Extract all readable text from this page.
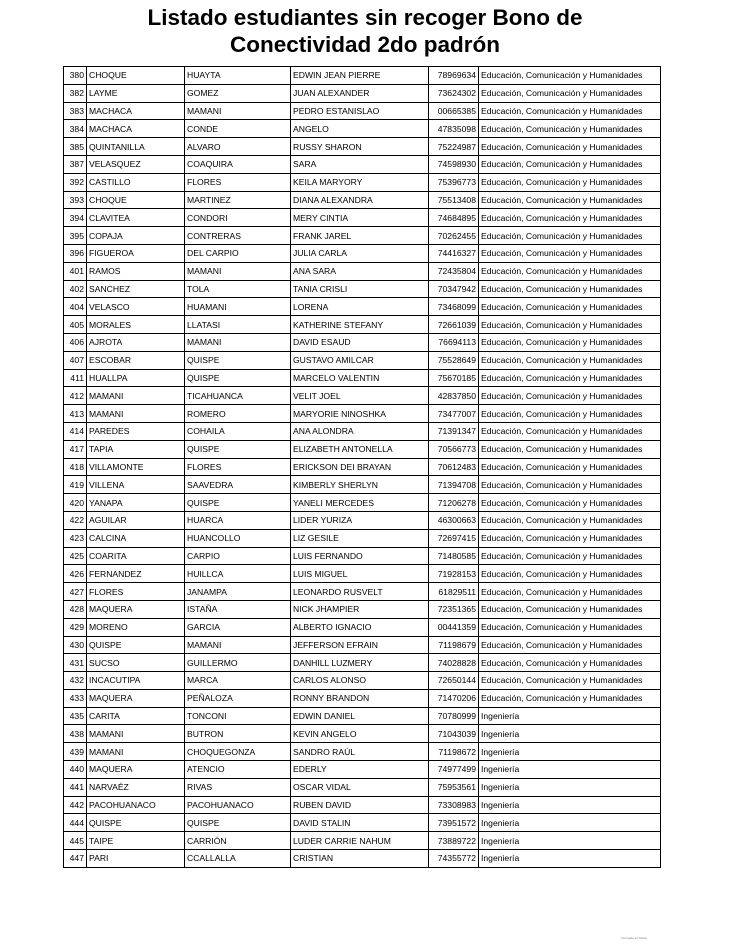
Listado estudiantes sin recoger Bono de
Conectividad 2do padrón
380	CHOQUE	HUAYTA	EDWIN JEAN PIERRE	78969634	Educación, Comunicación y Humanidades
382	LAYME	GOMEZ	JUAN ALEXANDER	73624302	Educación, Comunicación y Humanidades
383	MACHACA	MAMANI	PEDRO ESTANISLAO	00665385	Educación, Comunicación y Humanidades
384	MACHACA	CONDE	ANGELO	47835098	Educación, Comunicación y Humanidades
385	QUINTANILLA	ALVARO	RUSSY SHARON	75224987	Educación, Comunicación y Humanidades
387	VELASQUEZ	COAQUIRA	SARA	74598930	Educación, Comunicación y Humanidades
392	CASTILLO	FLORES	KEILA MARYORY	75396773	Educación, Comunicación y Humanidades
393	CHOQUE	MARTINEZ	DIANA ALEXANDRA	75513408	Educación, Comunicación y Humanidades
394	CLAVITEA	CONDORI	MERY CINTIA	74684895	Educación, Comunicación y Humanidades
395	COPAJA	CONTRERAS	FRANK JAREL	70262455	Educación, Comunicación y Humanidades
396	FIGUEROA	DEL CARPIO	JULIA CARLA	74416327	Educación, Comunicación y Humanidades
401	RAMOS	MAMANI	ANA SARA	72435804	Educación, Comunicación y Humanidades
402	SANCHEZ	TOLA	TANIA CRISLI	70347942	Educación, Comunicación y Humanidades
404	VELASCO	HUAMANI	LORENA	73468099	Educación, Comunicación y Humanidades
405	MORALES	LLATASI	KATHERINE STEFANY	72661039	Educación, Comunicación y Humanidades
406	AJROTA	MAMANI	DAVID ESAUD	76694113	Educación, Comunicación y Humanidades
407	ESCOBAR	QUISPE	GUSTAVO AMILCAR	75528649	Educación, Comunicación y Humanidades
411	HUALLPA	QUISPE	MARCELO VALENTIN	75670185	Educación, Comunicación y Humanidades
412	MAMANI	TICAHUANCA	VELIT JOEL	42837850	Educación, Comunicación y Humanidades
413	MAMANI	ROMERO	MARYORIE NINOSHKA	73477007	Educación, Comunicación y Humanidades
414	PAREDES	COHAILA	ANA ALONDRA	71391347	Educación, Comunicación y Humanidades
417	TAPIA	QUISPE	ELIZABETH ANTONELLA	70566773	Educación, Comunicación y Humanidades
418	VILLAMONTE	FLORES	ERICKSON DEI BRAYAN	70612483	Educación, Comunicación y Humanidades
419	VILLENA	SAAVEDRA	KIMBERLY SHERLYN	71394708	Educación, Comunicación y Humanidades
420	YANAPA	QUISPE	YANELI MERCEDES	71206278	Educación, Comunicación y Humanidades
422	AGUILAR	HUARCA	LIDER YURIZA	46300663	Educación, Comunicación y Humanidades
423	CALCINA	HUANCOLLO	LIZ GESILE	72697415	Educación, Comunicación y Humanidades
425	COARITA	CARPIO	LUIS FERNANDO	71480585	Educación, Comunicación y Humanidades
426	FERNANDEZ	HUILLCA	LUIS MIGUEL	71928153	Educación, Comunicación y Humanidades
427	FLORES	JANAMPA	LEONARDO RUSVELT	61829511	Educación, Comunicación y Humanidades
428	MAQUERA	ISTAÑA	NICK JHAMPIER	72351365	Educación, Comunicación y Humanidades
429	MORENO	GARCIA	ALBERTO IGNACIO	00441359	Educación, Comunicación y Humanidades
430	QUISPE	MAMANI	JEFFERSON EFRAIN	71198679	Educación, Comunicación y Humanidades
431	SUCSO	GUILLERMO	DANHILL LUZMERY	74028828	Educación, Comunicación y Humanidades
432	INCACUTIPA	MARCA	CARLOS ALONSO	72650144	Educación, Comunicación y Humanidades
433	MAQUERA	PEÑALOZA	RONNY BRANDON	71470206	Educación, Comunicación y Humanidades
435	CARITA	TONCONI	EDWIN DANIEL	70780999	Ingeniería
438	MAMANI	BUTRON	KEVIN ANGELO	71043039	Ingeniería
439	MAMANI	CHOQUEGONZA	SANDRO RAÚL	71198672	Ingeniería
440	MAQUERA	ATENCIO	EDERLY	74977499	Ingeniería
441	NARVAÉZ	RIVAS	OSCAR VIDAL	75953561	Ingeniería
442	PACOHUANACO	PACOHUANACO	RUBEN DAVID	73308983	Ingeniería
444	QUISPE	QUISPE	DAVID STALIN	73951572	Ingeniería
445	TAIPE	CARRIÓN	LUDER CARRIE NAHUM	73889722	Ingeniería
447	PARI	CCALLALLA	CRISTIAN	74355772	Ingeniería
Con sede en Tacna
